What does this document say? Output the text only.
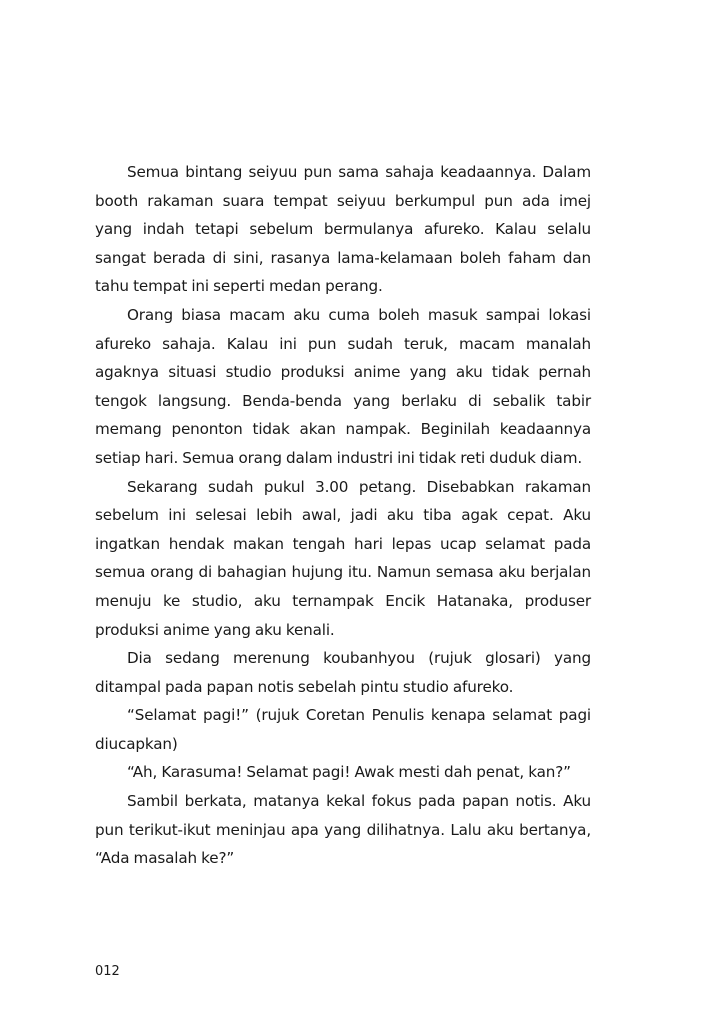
Semua bintang seiyuu pun sama sahaja keadaannya. Dalam booth rakaman suara tempat seiyuu berkumpul pun ada imej yang indah tetapi sebelum bermulanya afureko. Kalau selalu sangat berada di sini, rasanya lama-kelamaan boleh faham dan tahu tempat ini seperti medan perang.

Orang biasa macam aku cuma boleh masuk sampai lokasi afureko sahaja. Kalau ini pun sudah teruk, macam manalah agaknya situasi studio produksi anime yang aku tidak pernah tengok langsung. Benda-benda yang berlaku di sebalik tabir memang penonton tidak akan nampak. Beginilah keadaannya setiap hari. Semua orang dalam industri ini tidak reti duduk diam.

Sekarang sudah pukul 3.00 petang. Disebabkan rakaman sebelum ini selesai lebih awal, jadi aku tiba agak cepat. Aku ingatkan hendak makan tengah hari lepas ucap selamat pada semua orang di bahagian hujung itu. Namun semasa aku berjalan menuju ke studio, aku ternampak Encik Hatanaka, produser produksi anime yang aku kenali.

Dia sedang merenung koubanhyou (rujuk glosari) yang ditampal pada papan notis sebelah pintu studio afureko.

“Selamat pagi!” (rujuk Coretan Penulis kenapa selamat pagi diucapkan)

“Ah, Karasuma! Selamat pagi! Awak mesti dah penat, kan?”

Sambil berkata, matanya kekal fokus pada papan notis. Aku pun terikut-ikut meninjau apa yang dilihatnya. Lalu aku bertanya, “Ada masalah ke?”

012
